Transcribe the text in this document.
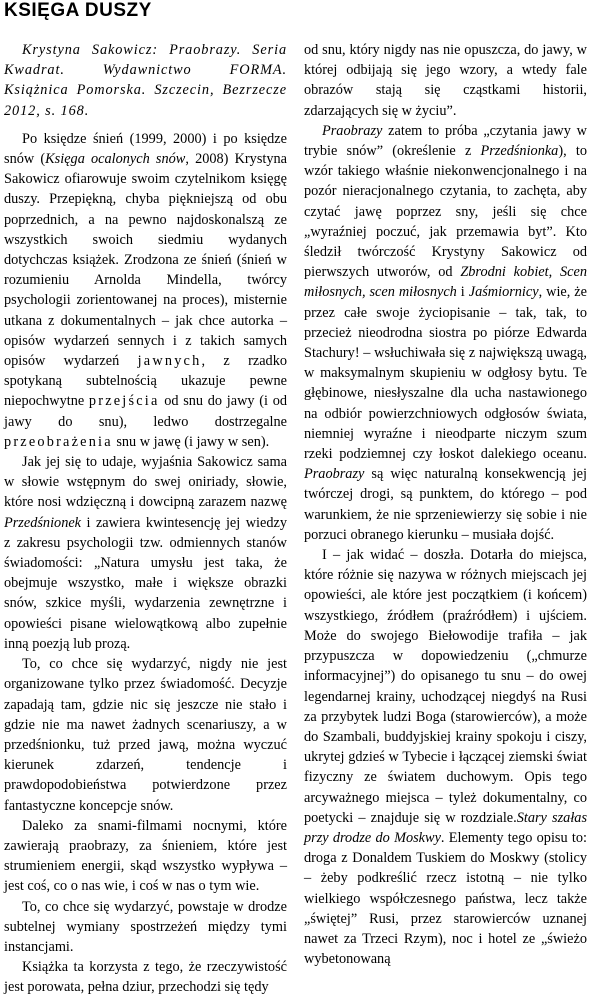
KSIĘGA DUSZY

Krystyna Sakowicz: Praobrazy. Seria Kwadrat. Wydawnictwo FORMA. Książnica Pomorska. Szczecin, Bezrzecze 2012, s. 168.

Po księdze śnień (1999, 2000) i po księdze snów (Księga ocalonych snów, 2008) Krystyna Sakowicz ofiarowuje swoim czytelnikom księgę duszy. Przepiękną, chyba piękniejszą od obu poprzednich, a na pewno najdoskonalszą ze wszystkich swoich siedmiu wydanych dotychczas książek. Zrodzona ze śnień (śnień w rozumieniu Arnolda Mindella, twórcy psychologii zorientowanej na proces), misternie utkana z dokumentalnych – jak chce autorka – opisów wydarzeń sennych i z takich samych opisów wydarzeń jawnych, z rzadko spotykaną subtelnością ukazuje pewne niepochwytne przejścia od snu do jawy (i od jawy do snu), ledwo dostrzegalne przeobrażenia snu w jawę (i jawy w sen).

Jak jej się to udaje, wyjaśnia Sakowicz sama w słowie wstępnym do swej oniriady, słowie, które nosi wdzięczną i dowcipną zarazem nazwę Przedśnionek i zawiera kwintesencję jej wiedzy z zakresu psychologii tzw. odmiennych stanów świadomości: „Natura umysłu jest taka, że obejmuje wszystko, małe i większe obrazki snów, szkice myśli, wydarzenia zewnętrzne i opowieści pisane wielowątkową albo zupełnie inną poezją lub prozą.

To, co chce się wydarzyć, nigdy nie jest organizowane tylko przez świadomość. Decyzje zapadają tam, gdzie nic się jeszcze nie stało i gdzie nie ma nawet żadnych scenariuszy, a w przedśnionku, tuż przed jawą, można wyczuć kierunek zdarzeń, tendencje i prawdopodobieństwa potwierdzone przez fantastyczne koncepcje snów.

Daleko za snami-filmami nocnymi, które zawierają praobrazy, za śnieniem, które jest strumieniem energii, skąd wszystko wypływa – jest coś, co o nas wie, i coś w nas o tym wie.

To, co chce się wydarzyć, powstaje w drodze subtelnej wymiany spostrzeżeń między tymi instancjami.

Książka ta korzysta z tego, że rzeczywistość jest porowata, pełna dziur, przechodzi się tędy

od snu, który nigdy nas nie opuszcza, do jawy, w której odbijają się jego wzory, a wtedy fale obrazów stają się cząstkami historii, zdarzających się w życiu”.

Praobrazy zatem to próba „czytania jawy w trybie snów” (określenie z Przedśnionka), to wzór takiego właśnie niekonwencjonalnego i na pozór nieracjonalnego czytania, to zachęta, aby czytać jawę poprzez sny, jeśli się chce „wyraźniej poczuć, jak przemawia byt”. Kto śledził twórczość Krystyny Sakowicz od pierwszych utworów, od Zbrodni kobiet, Scen miłosnych, scen miłosnych i Jaśmiornicy, wie, że przez całe swoje życiopisanie – tak, tak, to przecież nieodrodna siostra po piórze Edwarda Stachury! – wsłuchiwała się z największą uwagą, w maksymalnym skupieniu w odgłosy bytu. Te głębinowe, niesłyszalne dla ucha nastawionego na odbiór powierzchniowych odgłosów świata, niemniej wyraźne i nieodparte niczym szum rzeki podziemnej czy łoskot dalekiego oceanu. Praobrazy są więc naturalną konsekwencją jej twórczej drogi, są punktem, do którego – pod warunkiem, że nie sprzeniewierzy się sobie i nie porzuci obranego kierunku – musiała dojść.

I – jak widać – doszła. Dotarła do miejsca, które różnie się nazywa w różnych miejscach jej opowieści, ale które jest początkiem (i końcem) wszystkiego, źródłem (praźródłem) i ujściem. Może do swojego Biełowodije trafiła – jak przypuszcza w dopowiedzeniu („chmurze informacyjnej”) do opisanego tu snu – do owej legendarnej krainy, uchodzącej niegdyś na Rusi za przybytek ludzi Boga (starowierców), a może do Szambali, buddyjskiej krainy spokoju i ciszy, ukrytej gdzieś w Tybecie i łączącej ziemski świat fizyczny ze światem duchowym. Opis tego arcyważnego miejsca – tyleż dokumentalny, co poetycki – znajduje się w rozdziale.Stary szałas przy drodze do Moskwy. Elementy tego opisu to: droga z Donaldem Tuskiem do Moskwy (stolicy – żeby podkreślić rzecz istotną – nie tylko wielkiego współczesnego państwa, lecz także „świętej” Rusi, przez starowierców uznanej nawet za Trzeci Rzym), noc i hotel ze „świeżo wybetonowaną
